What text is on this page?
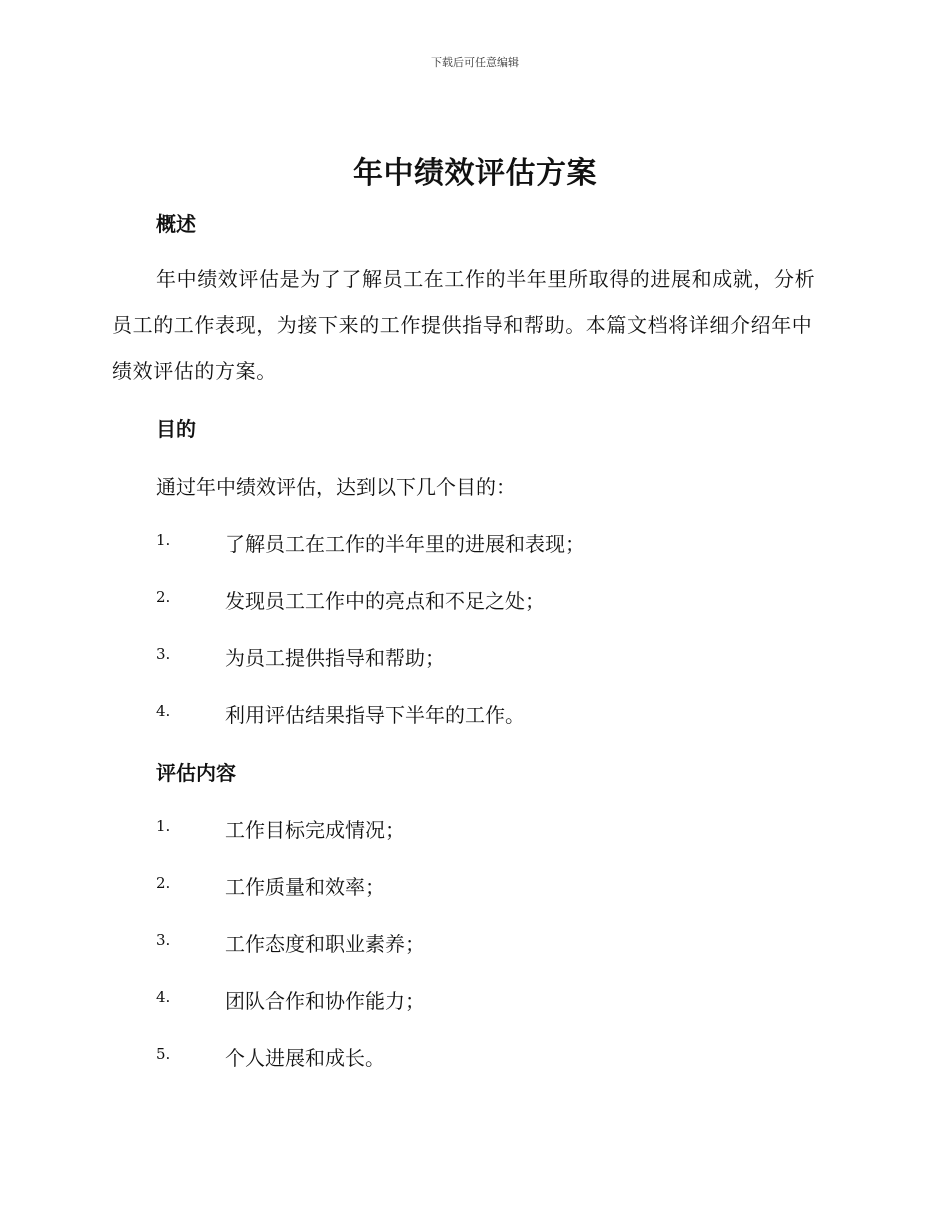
下载后可任意编辑
年中绩效评估方案
概述

年中绩效评估是为了了解员工在工作的半年里所取得的进展和成就，分析员工的工作表现，为接下来的工作提供指导和帮助。本篇文档将详细介绍年中绩效评估的方案。

目的

通过年中绩效评估，达到以下几个目的：

1.	了解员工在工作的半年里的进展和表现；
2.	发现员工工作中的亮点和不足之处；
3.	为员工提供指导和帮助；
4.	利用评估结果指导下半年的工作。
评估内容
1.	工作目标完成情况；
2.	工作质量和效率；
3.	工作态度和职业素养；
4.	团队合作和协作能力；
5.	个人进展和成长。
